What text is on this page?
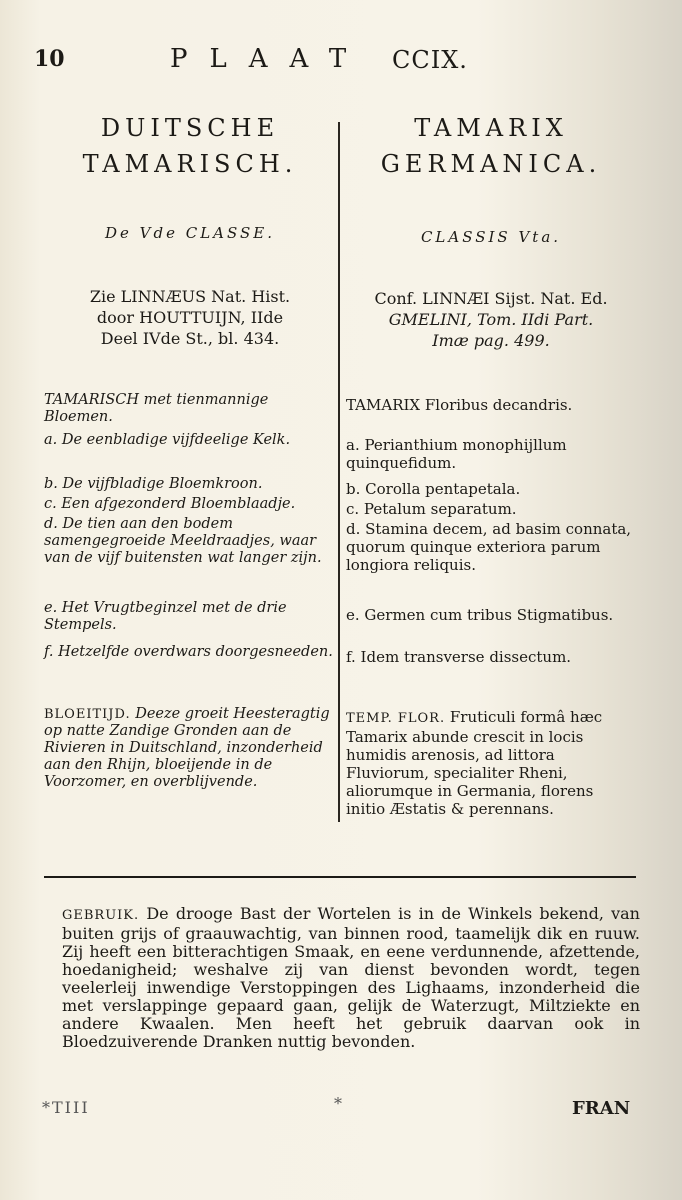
10	PLAAT CCIX.
DUITSCHE
TAMARISCH.
De Vde CLASSE.
Zie LINNÆUS Nat. Hist.
door HOUTTUIJN, IIde
Deel IVde St., bl. 434.
TAMARISCH met tienmannige Bloemen.
a. De eenbladige vijfdeelige Kelk.
b. De vijfbladige Bloemkroon.
c. Een afgezonderd Bloemblaadje.
d. De tien aan den bodem samengegroeide Meeldraadjes, waar van de vijf buitensten wat langer zijn.
e. Het Vrugtbeginzel met de drie Stempels.
f. Hetzelfde overdwars doorgesneeden.
BLOEITIJD. Deeze groeit Heesteragtig op natte Zandige Gronden aan de Rivieren in Duitschland, inzonderheid aan den Rhijn, bloeijende in de Voorzomer, en overblijvende.
TAMARIX
GERMANICA.
CLASSIS Vta.
Conf. LINNÆI Sijst. Nat. Ed.
GMELINI, Tom. IIdi Part.
Imæ pag. 499.
TAMARIX Floribus decandris.
a. Perianthium monophijllum quinquefidum.
b. Corolla pentapetala.
c. Petalum separatum.
d. Stamina decem, ad basim connata, quorum quinque exteriora parum longiora reliquis.
e. Germen cum tribus Stigmatibus.
f. Idem transverse dissectum.
TEMP. FLOR. Fruticuli formâ hæc Tamarix abunde crescit in locis humidis arenosis, ad littora Fluviorum, specialiter Rheni, aliorumque in Germania, florens initio Æstatis & perennans.
GEBRUIK. De drooge Bast der Wortelen is in de Winkels bekend, van buiten grijs of graauwachtig, van binnen rood, taamelijk dik en ruuw. Zij heeft een bitterachtigen Smaak, en eene verdunnende, afzettende, hoedanigheid; weshalve zij van dienst bevonden wordt, tegen veelerleij inwendige Verstoppingen des Lighaams, inzonderheid die met verslappinge gepaard gaan, gelijk de Waterzugt, Miltziekte en andere Kwaalen. Men heeft het gebruik daarvan ook in Bloedzuiverende Dranken nuttig bevonden.
*TIII	*	FRAN
